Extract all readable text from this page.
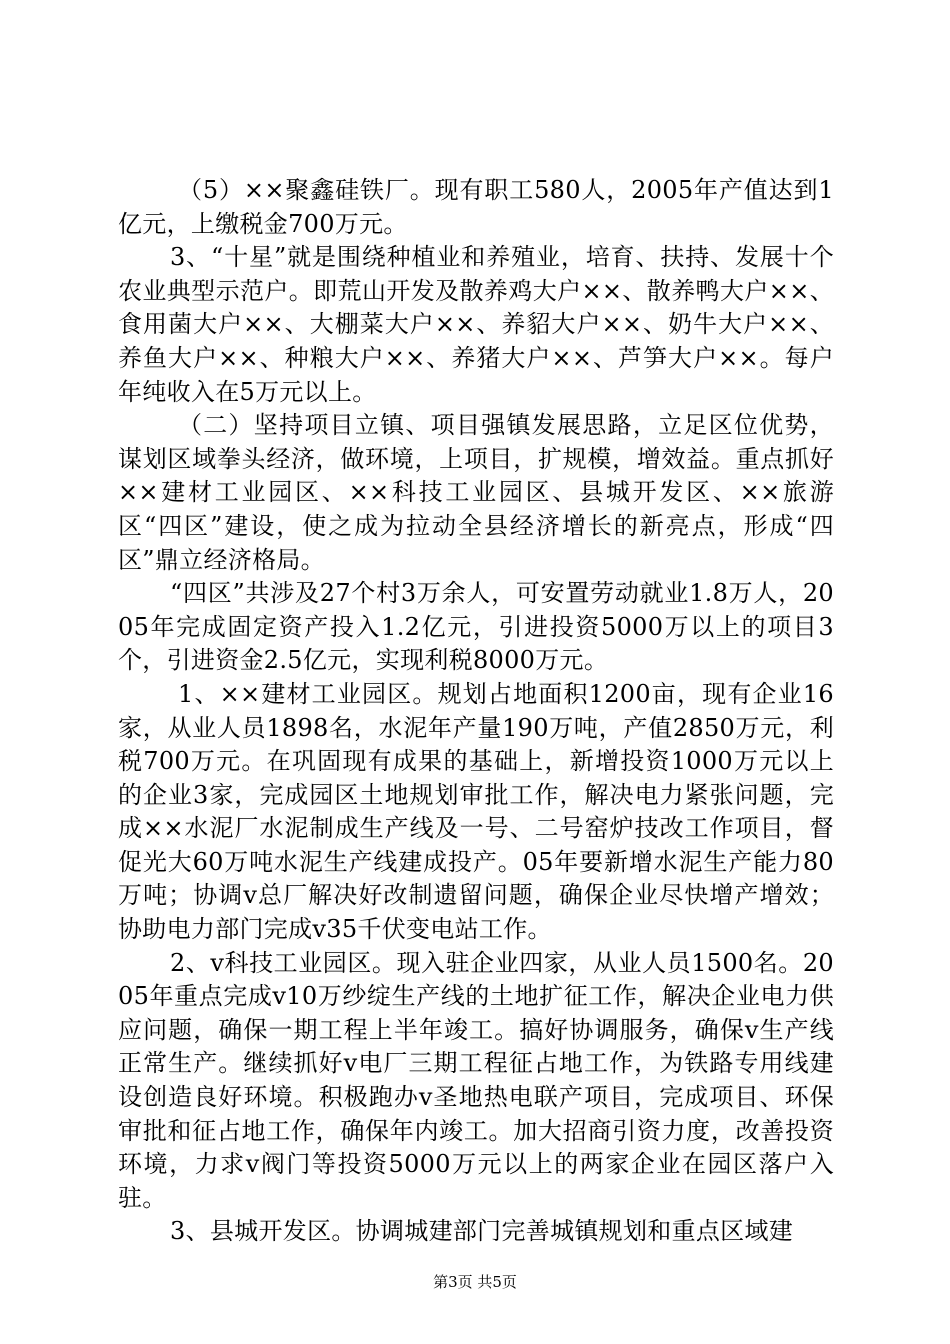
（5）××聚鑫硅铁厂。现有职工580人，2005年产值达到1亿元，上缴税金700万元。

3、“十星”就是围绕种植业和养殖业，培育、扶持、发展十个农业典型示范户。即荒山开发及散养鸡大户××、散养鸭大户××、食用菌大户××、大棚菜大户××、养貂大户××、奶牛大户××、养鱼大户××、种粮大户××、养猪大户××、芦笋大户××。每户年纯收入在5万元以上。

（二）坚持项目立镇、项目强镇发展思路，立足区位优势，谋划区域拳头经济，做环境，上项目，扩规模，增效益。重点抓好××建材工业园区、××科技工业园区、县城开发区、××旅游区“四区”建设，使之成为拉动全县经济增长的新亮点，形成“四区”鼎立经济格局。

“四区”共涉及27个村3万余人，可安置劳动就业1.8万人，2005年完成固定资产投入1.2亿元，引进投资5000万以上的项目3个，引进资金2.5亿元，实现利税8000万元。

1、××建材工业园区。规划占地面积1200亩，现有企业16家，从业人员1898名，水泥年产量190万吨，产值2850万元，利税700万元。在巩固现有成果的基础上，新增投资1000万元以上的企业3家，完成园区土地规划审批工作，解决电力紧张问题，完成××水泥厂水泥制成生产线及一号、二号窑炉技改工作项目，督促光大60万吨水泥生产线建成投产。05年要新增水泥生产能力80万吨；协调v总厂解决好改制遗留问题，确保企业尽快增产增效；协助电力部门完成v35千伏变电站工作。

2、v科技工业园区。现入驻企业四家，从业人员1500名。2005年重点完成v10万纱绽生产线的土地扩征工作，解决企业电力供应问题，确保一期工程上半年竣工。搞好协调服务，确保v生产线正常生产。继续抓好v电厂三期工程征占地工作，为铁路专用线建设创造良好环境。积极跑办v圣地热电联产项目，完成项目、环保审批和征占地工作，确保年内竣工。加大招商引资力度，改善投资环境，力求v阀门等投资5000万元以上的两家企业在园区落户入驻。

3、县城开发区。协调城建部门完善城镇规划和重点区域建

第3页 共5页
